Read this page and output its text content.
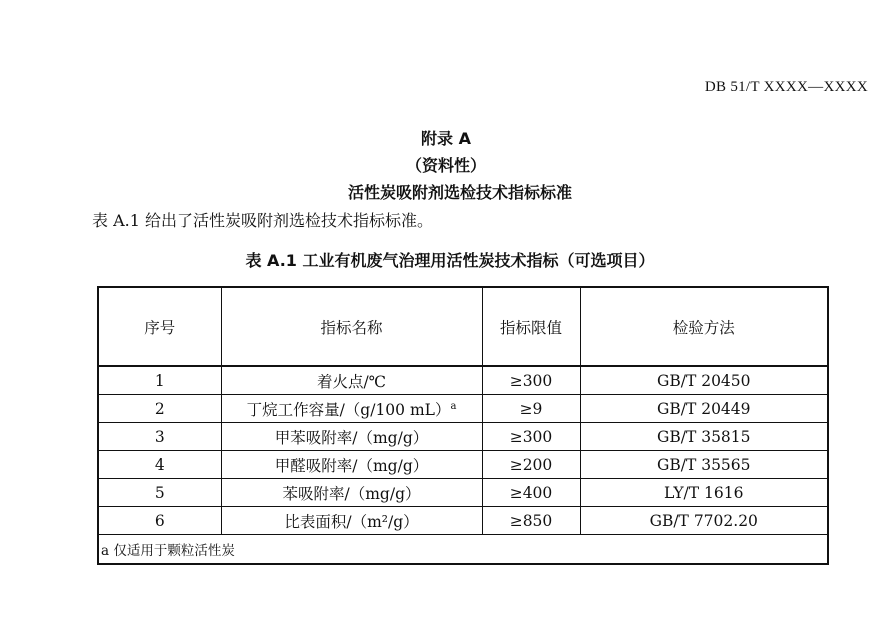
DB 51/T XXXX—XXXX
附录 A
（资料性）
活性炭吸附剂选检技术指标标准
表 A.1 给出了活性炭吸附剂选检技术指标标准。
表 A.1 工业有机废气治理用活性炭技术指标（可选项目）
序号	指标名称	指标限值	检验方法
1	着火点/℃	≥300	GB/T 20450
2	丁烷工作容量/（g/100 mL）$^a$	≥9	GB/T 20449
3	甲苯吸附率/（mg/g）	≥300	GB/T 35815
4	甲醛吸附率/（mg/g）	≥200	GB/T 35565
5	苯吸附率/（mg/g）	≥400	LY/T 1616
6	比表面积/（m²/g）	≥850	GB/T 7702.20
a 仅适用于颗粒活性炭			
